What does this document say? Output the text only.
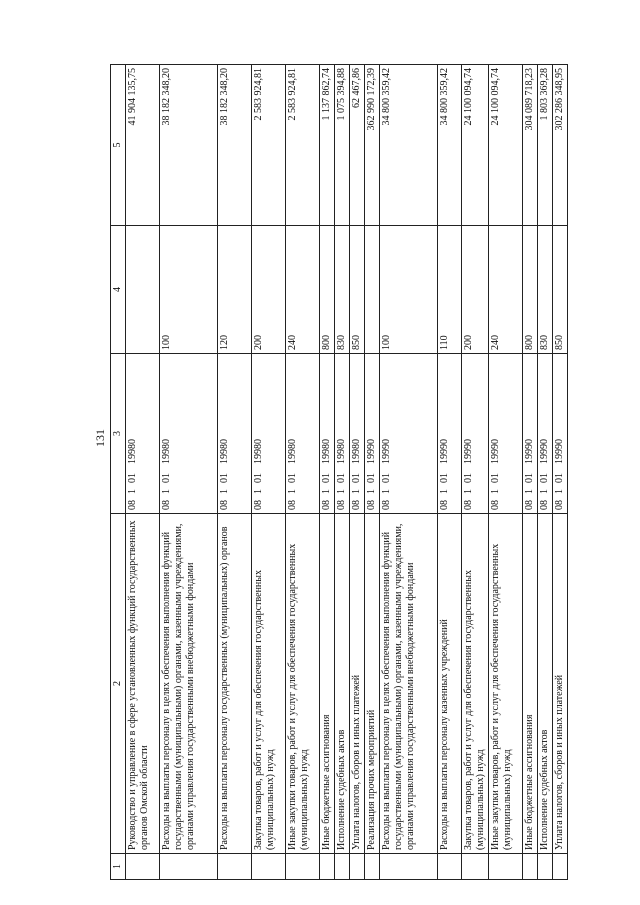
131
1	2	3	4	5
	Руководство и управление в сфере установленных функций государственных органов Омской области	0810119980		41 904 135,75
	Расходы на выплаты персоналу в целях обеспечения выполнения функций государственными (муниципальными) органами, казенными учреждениями, органами управления государственными внебюджетными фондами	0810119980	100	38 182 348,20
	Расходы на выплаты персоналу государственных (муниципальных) органов	0810119980	120	38 182 348,20
	Закупка товаров, работ и услуг для обеспечения государственных (муниципальных) нужд	0810119980	200	2 583 924,81
	Иные закупки товаров, работ и услуг для обеспечения государственных (муниципальных) нужд	0810119980	240	2 583 924,81
	Иные бюджетные ассигнования	0810119980	800	1 137 862,74
	Исполнение судебных актов	0810119980	830	1 075 394,88
	Уплата налогов, сборов и иных платежей	0810119980	850	62 467,86
	Реализация прочих мероприятий	0810119990		362 990 172,39
	Расходы на выплаты персоналу в целях обеспечения выполнения функций государственными (муниципальными) органами, казенными учреждениями, органами управления государственными внебюджетными фондами	0810119990	100	34 800 359,42
	Расходы на выплаты персоналу казенных учреждений	0810119990	110	34 800 359,42
	Закупка товаров, работ и услуг для обеспечения государственных (муниципальных) нужд	0810119990	200	24 100 094,74
	Иные закупки товаров, работ и услуг для обеспечения государственных (муниципальных) нужд	0810119990	240	24 100 094,74
	Иные бюджетные ассигнования	0810119990	800	304 089 718,23
	Исполнение судебных актов	0810119990	830	1 803 369,28
	Уплата налогов, сборов и иных платежей	0810119990	850	302 286 348,95
